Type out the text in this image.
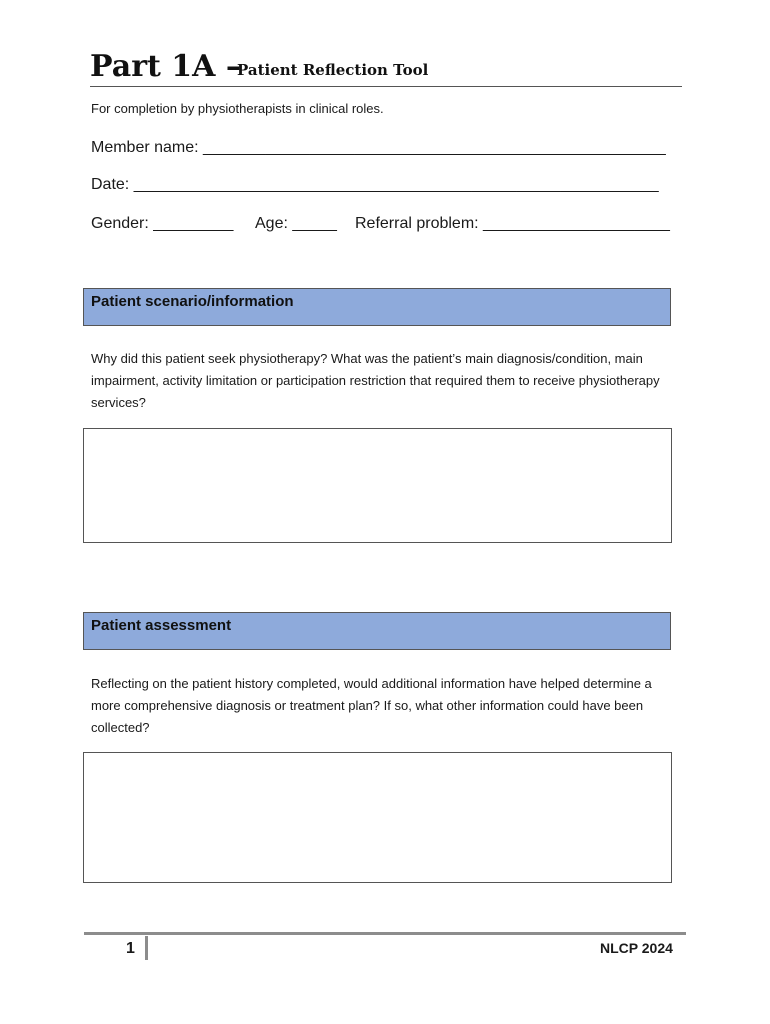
Part 1A –
Patient Reflection Tool
For completion by physiotherapists in clinical roles.
Member name: ____________________________________________________
Date: ___________________________________________________________
Gender: _________ Age: _____ Referral problem: _____________________
Patient scenario/information
Why did this patient seek physiotherapy? What was the patient’s main diagnosis/condition, main impairment, activity limitation or participation restriction that required them to receive physiotherapy services?
Patient assessment
Reflecting on the patient history completed, would additional information have helped determine a more comprehensive diagnosis or treatment plan? If so, what other information could have been collected?
1	NLCP 2024
